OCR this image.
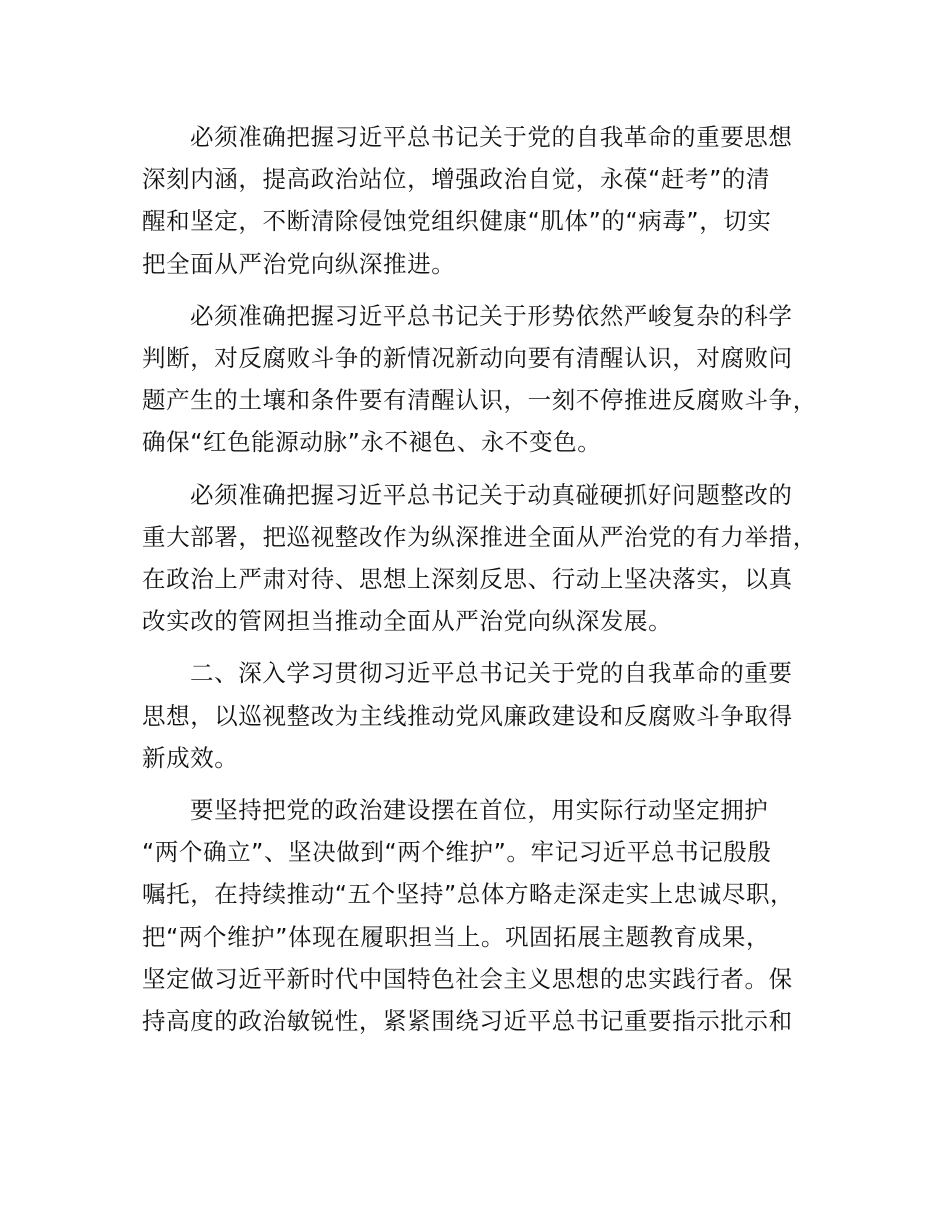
必须准确把握习近平总书记关于党的自我革命的重要思想
深刻内涵，提高政治站位，增强政治自觉，永葆“赶考”的清
醒和坚定，不断清除侵蚀党组织健康“肌体”的“病毒”，切实
把全面从严治党向纵深推进。

必须准确把握习近平总书记关于形势依然严峻复杂的科学
判断，对反腐败斗争的新情况新动向要有清醒认识，对腐败问
题产生的土壤和条件要有清醒认识，一刻不停推进反腐败斗争，
确保“红色能源动脉”永不褪色、永不变色。

必须准确把握习近平总书记关于动真碰硬抓好问题整改的
重大部署，把巡视整改作为纵深推进全面从严治党的有力举措，
在政治上严肃对待、思想上深刻反思、行动上坚决落实，以真
改实改的管网担当推动全面从严治党向纵深发展。

二、深入学习贯彻习近平总书记关于党的自我革命的重要
思想，以巡视整改为主线推动党风廉政建设和反腐败斗争取得
新成效。

要坚持把党的政治建设摆在首位，用实际行动坚定拥护
“两个确立”、坚决做到“两个维护”。牢记习近平总书记殷殷
嘱托，在持续推动“五个坚持”总体方略走深走实上忠诚尽职，
把“两个维护”体现在履职担当上。巩固拓展主题教育成果，
坚定做习近平新时代中国特色社会主义思想的忠实践行者。保
持高度的政治敏锐性，紧紧围绕习近平总书记重要指示批示和
